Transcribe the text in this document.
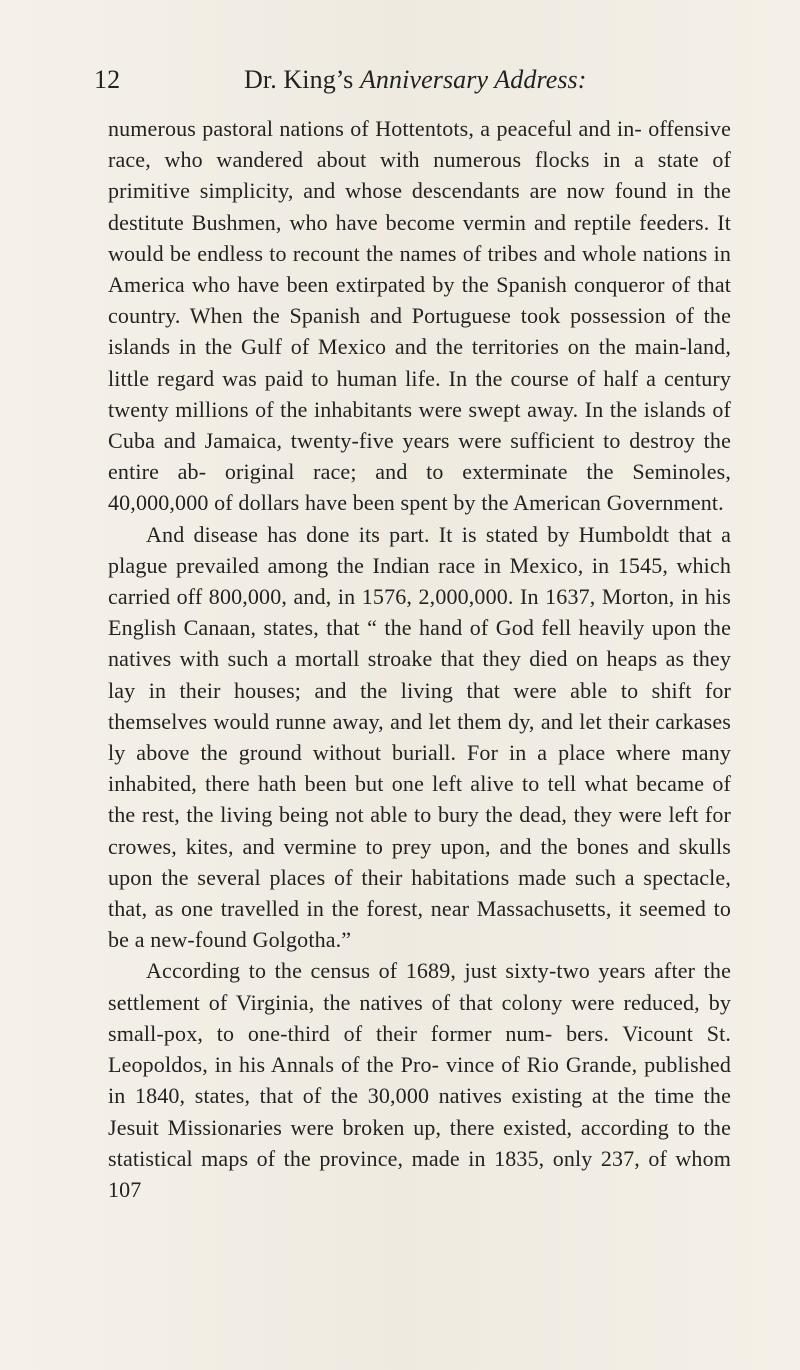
12	Dr. King’s Anniversary Address:

numerous pastoral nations of Hottentots, a peaceful and in- offensive race, who wandered about with numerous flocks in a state of primitive simplicity, and whose descendants are now found in the destitute Bushmen, who have become vermin and reptile feeders. It would be endless to recount the names of tribes and whole nations in America who have been extirpated by the Spanish conqueror of that country. When the Spanish and Portuguese took possession of the islands in the Gulf of Mexico and the territories on the main-land, little regard was paid to human life. In the course of half a century twenty millions of the inhabitants were swept away. In the islands of Cuba and Jamaica, twenty-five years were sufficient to destroy the entire ab- original race; and to exterminate the Seminoles, 40,000,000 of dollars have been spent by the American Government.

And disease has done its part. It is stated by Humboldt that a plague prevailed among the Indian race in Mexico, in 1545, which carried off 800,000, and, in 1576, 2,000,000. In 1637, Morton, in his English Canaan, states, that “ the hand of God fell heavily upon the natives with such a mortall stroake that they died on heaps as they lay in their houses; and the living that were able to shift for themselves would runne away, and let them dy, and let their carkases ly above the ground without buriall. For in a place where many inhabited, there hath been but one left alive to tell what became of the rest, the living being not able to bury the dead, they were left for crowes, kites, and vermine to prey upon, and the bones and skulls upon the several places of their habitations made such a spectacle, that, as one travelled in the forest, near Massachusetts, it seemed to be a new-found Golgotha.”

According to the census of 1689, just sixty-two years after the settlement of Virginia, the natives of that colony were reduced, by small-pox, to one-third of their former num- bers. Vicount St. Leopoldos, in his Annals of the Pro- vince of Rio Grande, published in 1840, states, that of the 30,000 natives existing at the time the Jesuit Missionaries were broken up, there existed, according to the statistical maps of the province, made in 1835, only 237, of whom 107
